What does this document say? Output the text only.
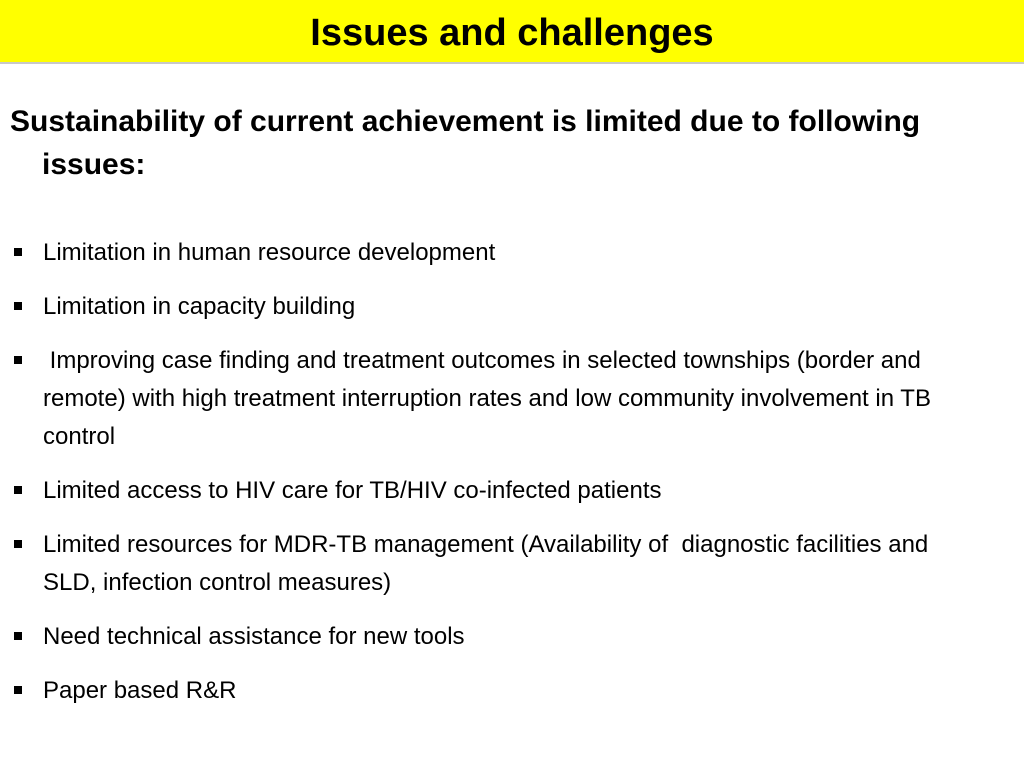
Issues and challenges

Sustainability of current achievement is limited due to following issues:

Limitation in human resource development
Limitation in capacity building
Improving case finding and treatment outcomes in selected townships (border and remote) with high treatment interruption rates and low community involvement in TB control
Limited access to HIV care for TB/HIV co-infected patients
Limited resources for MDR-TB management (Availability of  diagnostic facilities and SLD, infection control measures)
Need technical assistance for new tools
Paper based R&R
